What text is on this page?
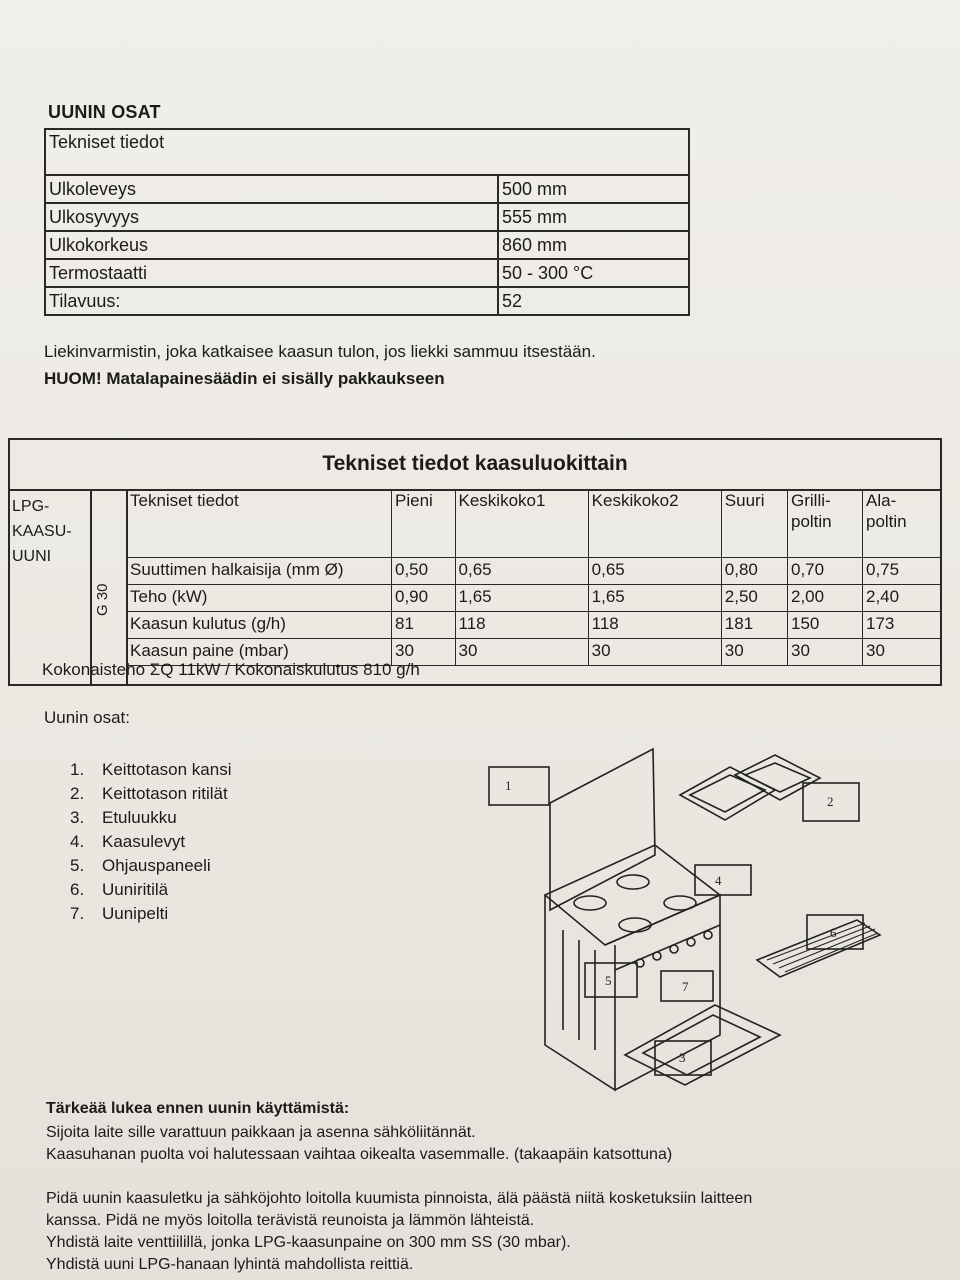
UUNIN OSAT
Tekniset tiedot	
Ulkoleveys	500 mm
Ulkosyvyys	555 mm
Ulkokorkeus	860 mm
Termostaatti	50 - 300 °C
Tilavuus:	52
Liekinvarmistin, joka katkaisee kaasun tulon, jos liekki sammuu itsestään.
HUOM! Matalapainesäädin ei sisälly pakkaukseen
Tekniset tiedot kaasuluokittain
LPG- KAASU- UUNI
G 30
Tekniset tiedot	Pieni	Keskikoko1	Keskikoko2	Suuri	Grilli- poltin	Ala- poltin
Suuttimen halkaisija (mm Ø)	0,50	0,65	0,65	0,80	0,70	0,75
Teho (kW)	0,90	1,65	1,65	2,50	2,00	2,40
Kaasun kulutus (g/h)	81	118	118	181	150	173
Kaasun paine (mbar)	30	30	30	30	30	30
Kokonaisteho ΣQ 11kW / Kokonaiskulutus 810 g/h
Uunin osat:
1. Keittotason kansi
2. Keittotason ritilät
3. Etuluukku
4. Kaasulevyt
5. Ohjauspaneeli
6. Uuniritilä
7. Uunipelti
1
2
3
4
5
6
7
Tärkeää lukea ennen uunin käyttämistä:
Sijoita laite sille varattuun paikkaan ja asenna sähköliitännät.
Kaasuhanan puolta voi halutessaan vaihtaa oikealta vasemmalle. (takaapäin katsottuna)
Pidä uunin kaasuletku ja sähköjohto loitolla kuumista pinnoista, älä päästä niitä kosketuksiin laitteen
kanssa. Pidä ne myös loitolla terävistä reunoista ja lämmön lähteistä.
Yhdistä laite venttiilillä, jonka LPG-kaasunpaine on 300 mm SS (30 mbar).
Yhdistä uuni LPG-hanaan lyhintä mahdollista reittiä.
